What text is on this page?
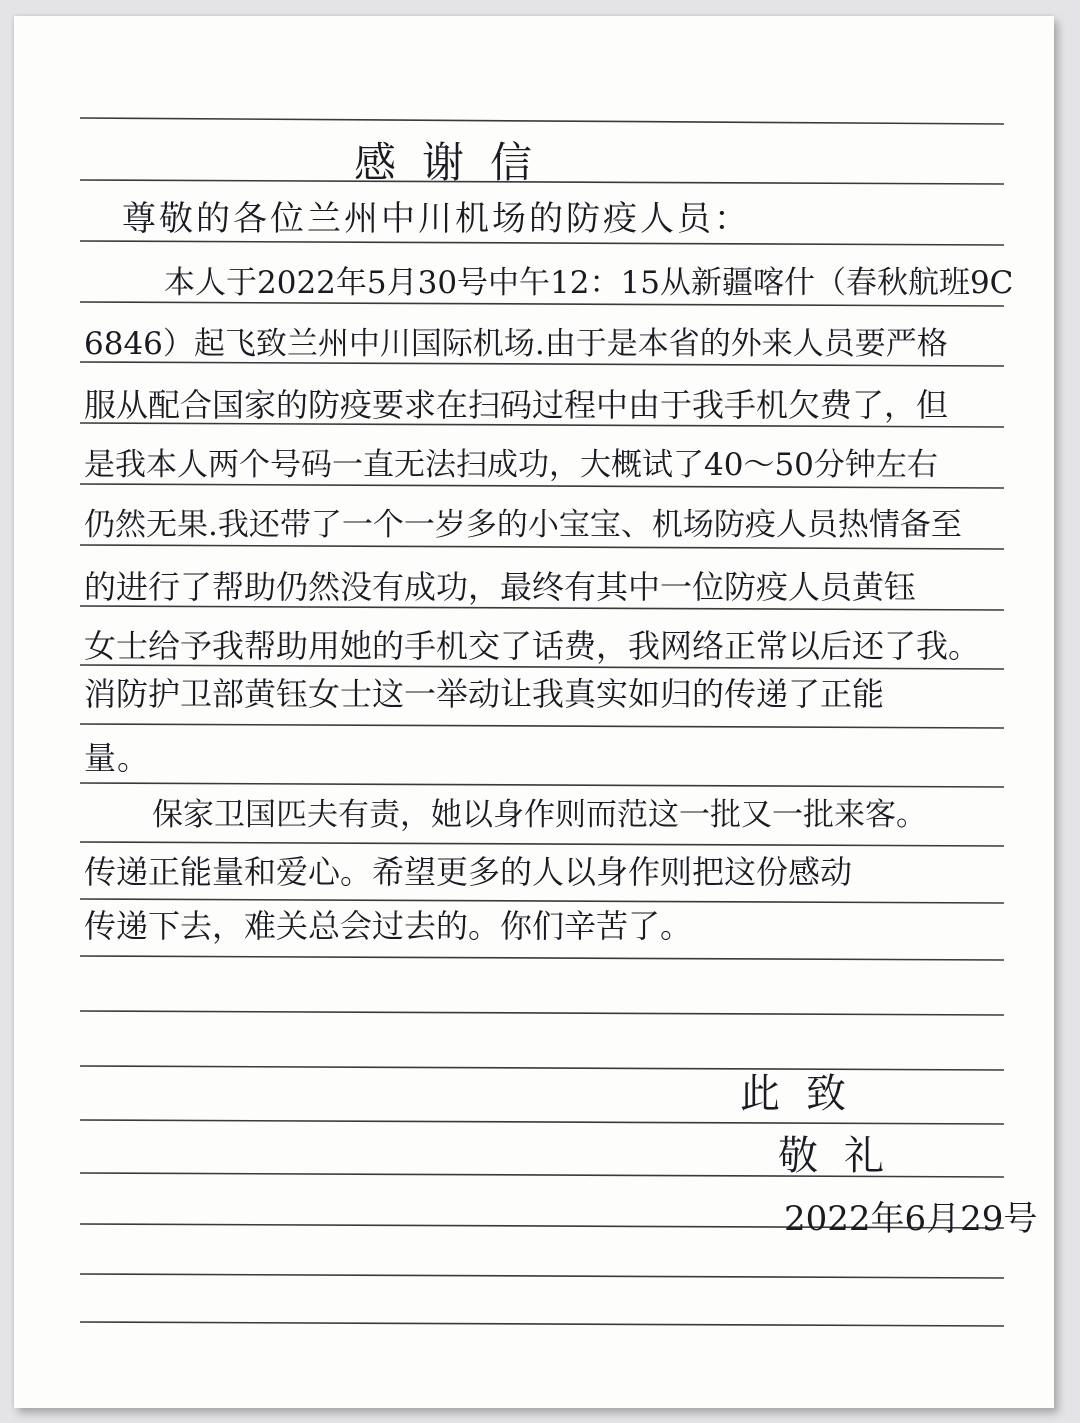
感谢信
尊敬的各位兰州中川机场的防疫人员：
本人于2022年5月30号中午12：15从新疆喀什（春秋航班9C
6846）起飞致兰州中川国际机场.由于是本省的外来人员要严格
服从配合国家的防疫要求在扫码过程中由于我手机欠费了，但
是我本人两个号码一直无法扫成功，大概试了40～50分钟左右
仍然无果.我还带了一个一岁多的小宝宝、机场防疫人员热情备至
的进行了帮助仍然没有成功，最终有其中一位防疫人员黄钰
女士给予我帮助用她的手机交了话费，我网络正常以后还了我。
消防护卫部黄钰女士这一举动让我真实如归的传递了正能
量。
保家卫国匹夫有责，她以身作则而范这一批又一批来客。
传递正能量和爱心。希望更多的人以身作则把这份感动
传递下去，难关总会过去的。你们辛苦了。
此致
敬礼
2022年6月29号
